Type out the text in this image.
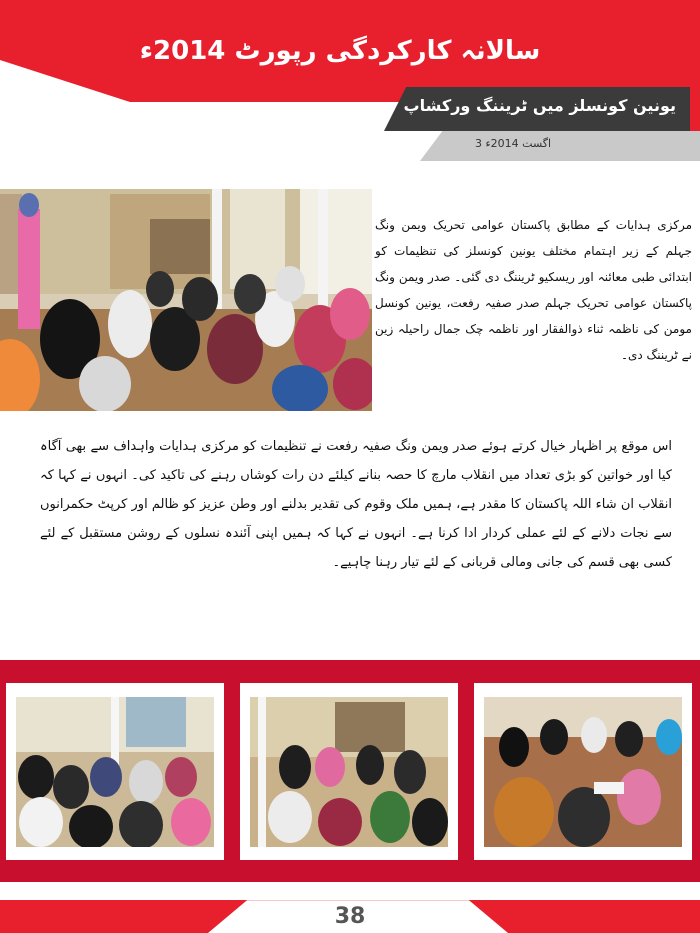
سالانہ کارکردگی رپورٹ 2014ء
یونین کونسلز میں ٹریننگ ورکشاپ
3 اگست 2014ء
مرکزی ہدایات کے مطابق پاکستان عوامی تحریک ویمن ونگ جہلم کے زیر اہتمام مختلف یونین کونسلز کی تنظیمات کو ابتدائی طبی معائنہ اور ریسکیو ٹریننگ دی گئی۔ صدر ویمن ونگ پاکستان عوامی تحریک جہلم صدر صفیہ رفعت، یونین کونسل مومن کی ناظمہ ثناء ذوالفقار اور ناظمہ چک جمال راحیلہ زین نے ٹریننگ دی۔
اس موقع پر اظہار خیال کرتے ہوئے صدر ویمن ونگ صفیہ رفعت نے تنظیمات کو مرکزی ہدایات واہداف سے بھی آگاہ کیا اور خواتین کو بڑی تعداد میں انقلاب مارچ کا حصہ بنانے کیلئے دن رات کوشاں رہنے کی تاکید کی۔ انہوں نے کہا کہ انقلاب ان شاء اللہ پاکستان کا مقدر ہے، ہمیں ملک وقوم کی تقدیر بدلنے اور وطن عزیز کو ظالم اور کرپٹ حکمرانوں سے نجات دلانے کے لئے عملی کردار ادا کرنا ہے۔ انہوں نے کہا کہ ہمیں اپنی آئندہ نسلوں کے روشن مستقبل کے لئے کسی بھی قسم کی جانی ومالی قربانی کے لئے تیار رہنا چاہیے۔
38
